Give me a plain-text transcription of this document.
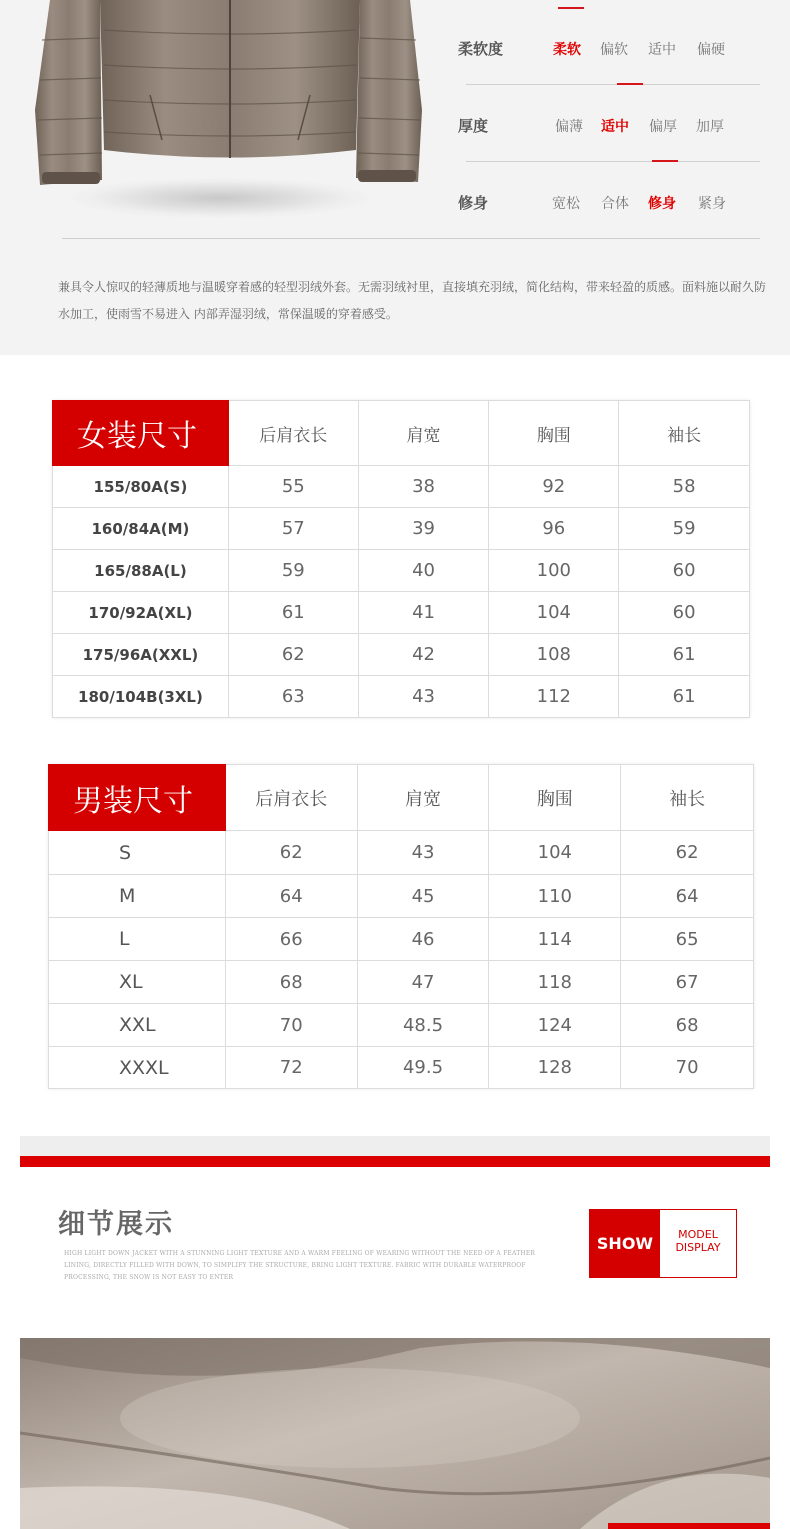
柔软度	柔软 偏软 适中 偏硬
厚度	偏薄 适中 偏厚 加厚
修身	宽松 合体 修身 紧身

兼具令人惊叹的轻薄质地与温暖穿着感的轻型羽绒外套。无需羽绒衬里，直接填充羽绒，简化结构，带来轻盈的质感。面料施以耐久防水加工，使雨雪不易进入 内部弄湿羽绒，常保温暖的穿着感受。

女装尺寸	后肩衣长	肩宽	胸围	袖长
155/80A(S)	55	38	92	58
160/84A(M)	57	39	96	59
165/88A(L)	59	40	100	60
170/92A(XL)	61	41	104	60
175/96A(XXL)	62	42	108	61
180/104B(3XL)	63	43	112	61
男装尺寸	后肩衣长	肩宽	胸围	袖长
S	62	43	104	62
M	64	45	110	64
L	66	46	114	65
XL	68	47	118	67
XXL	70	48.5	124	68
XXXL	72	49.5	128	70
细节展示

HIGH LIGHT DOWN JACKET WITH A STUNNING LIGHT TEXTURE AND A WARM FEELING OF WEARING WITHOUT THE NEED OF A FEATHER LINING, DIRECTLY FILLED WITH DOWN, TO SIMPLIFY THE STRUCTURE, BRING LIGHT TEXTURE. FABRIC WITH DURABLE WATERPROOF PROCESSING, THE SNOW IS NOT EASY TO ENTER

SHOW	MODEL
DISPLAY
